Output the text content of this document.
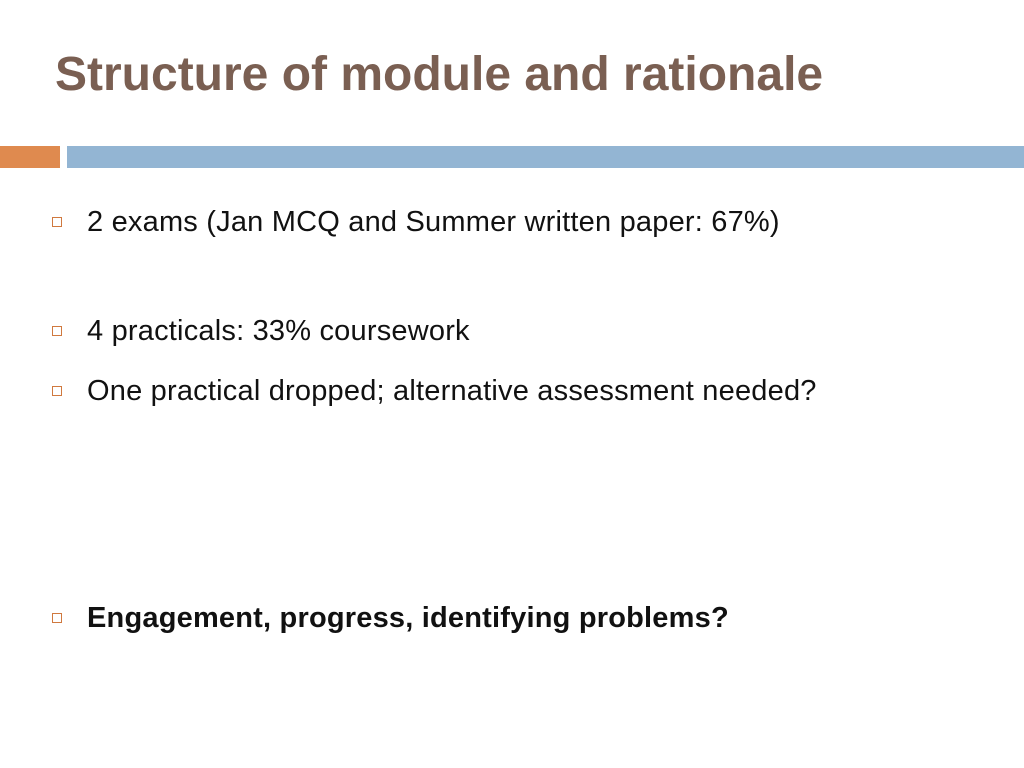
Structure of module and rationale
2 exams (Jan MCQ and Summer written paper: 67%)
4 practicals: 33% coursework
One practical dropped; alternative assessment needed?
Engagement, progress, identifying problems?
